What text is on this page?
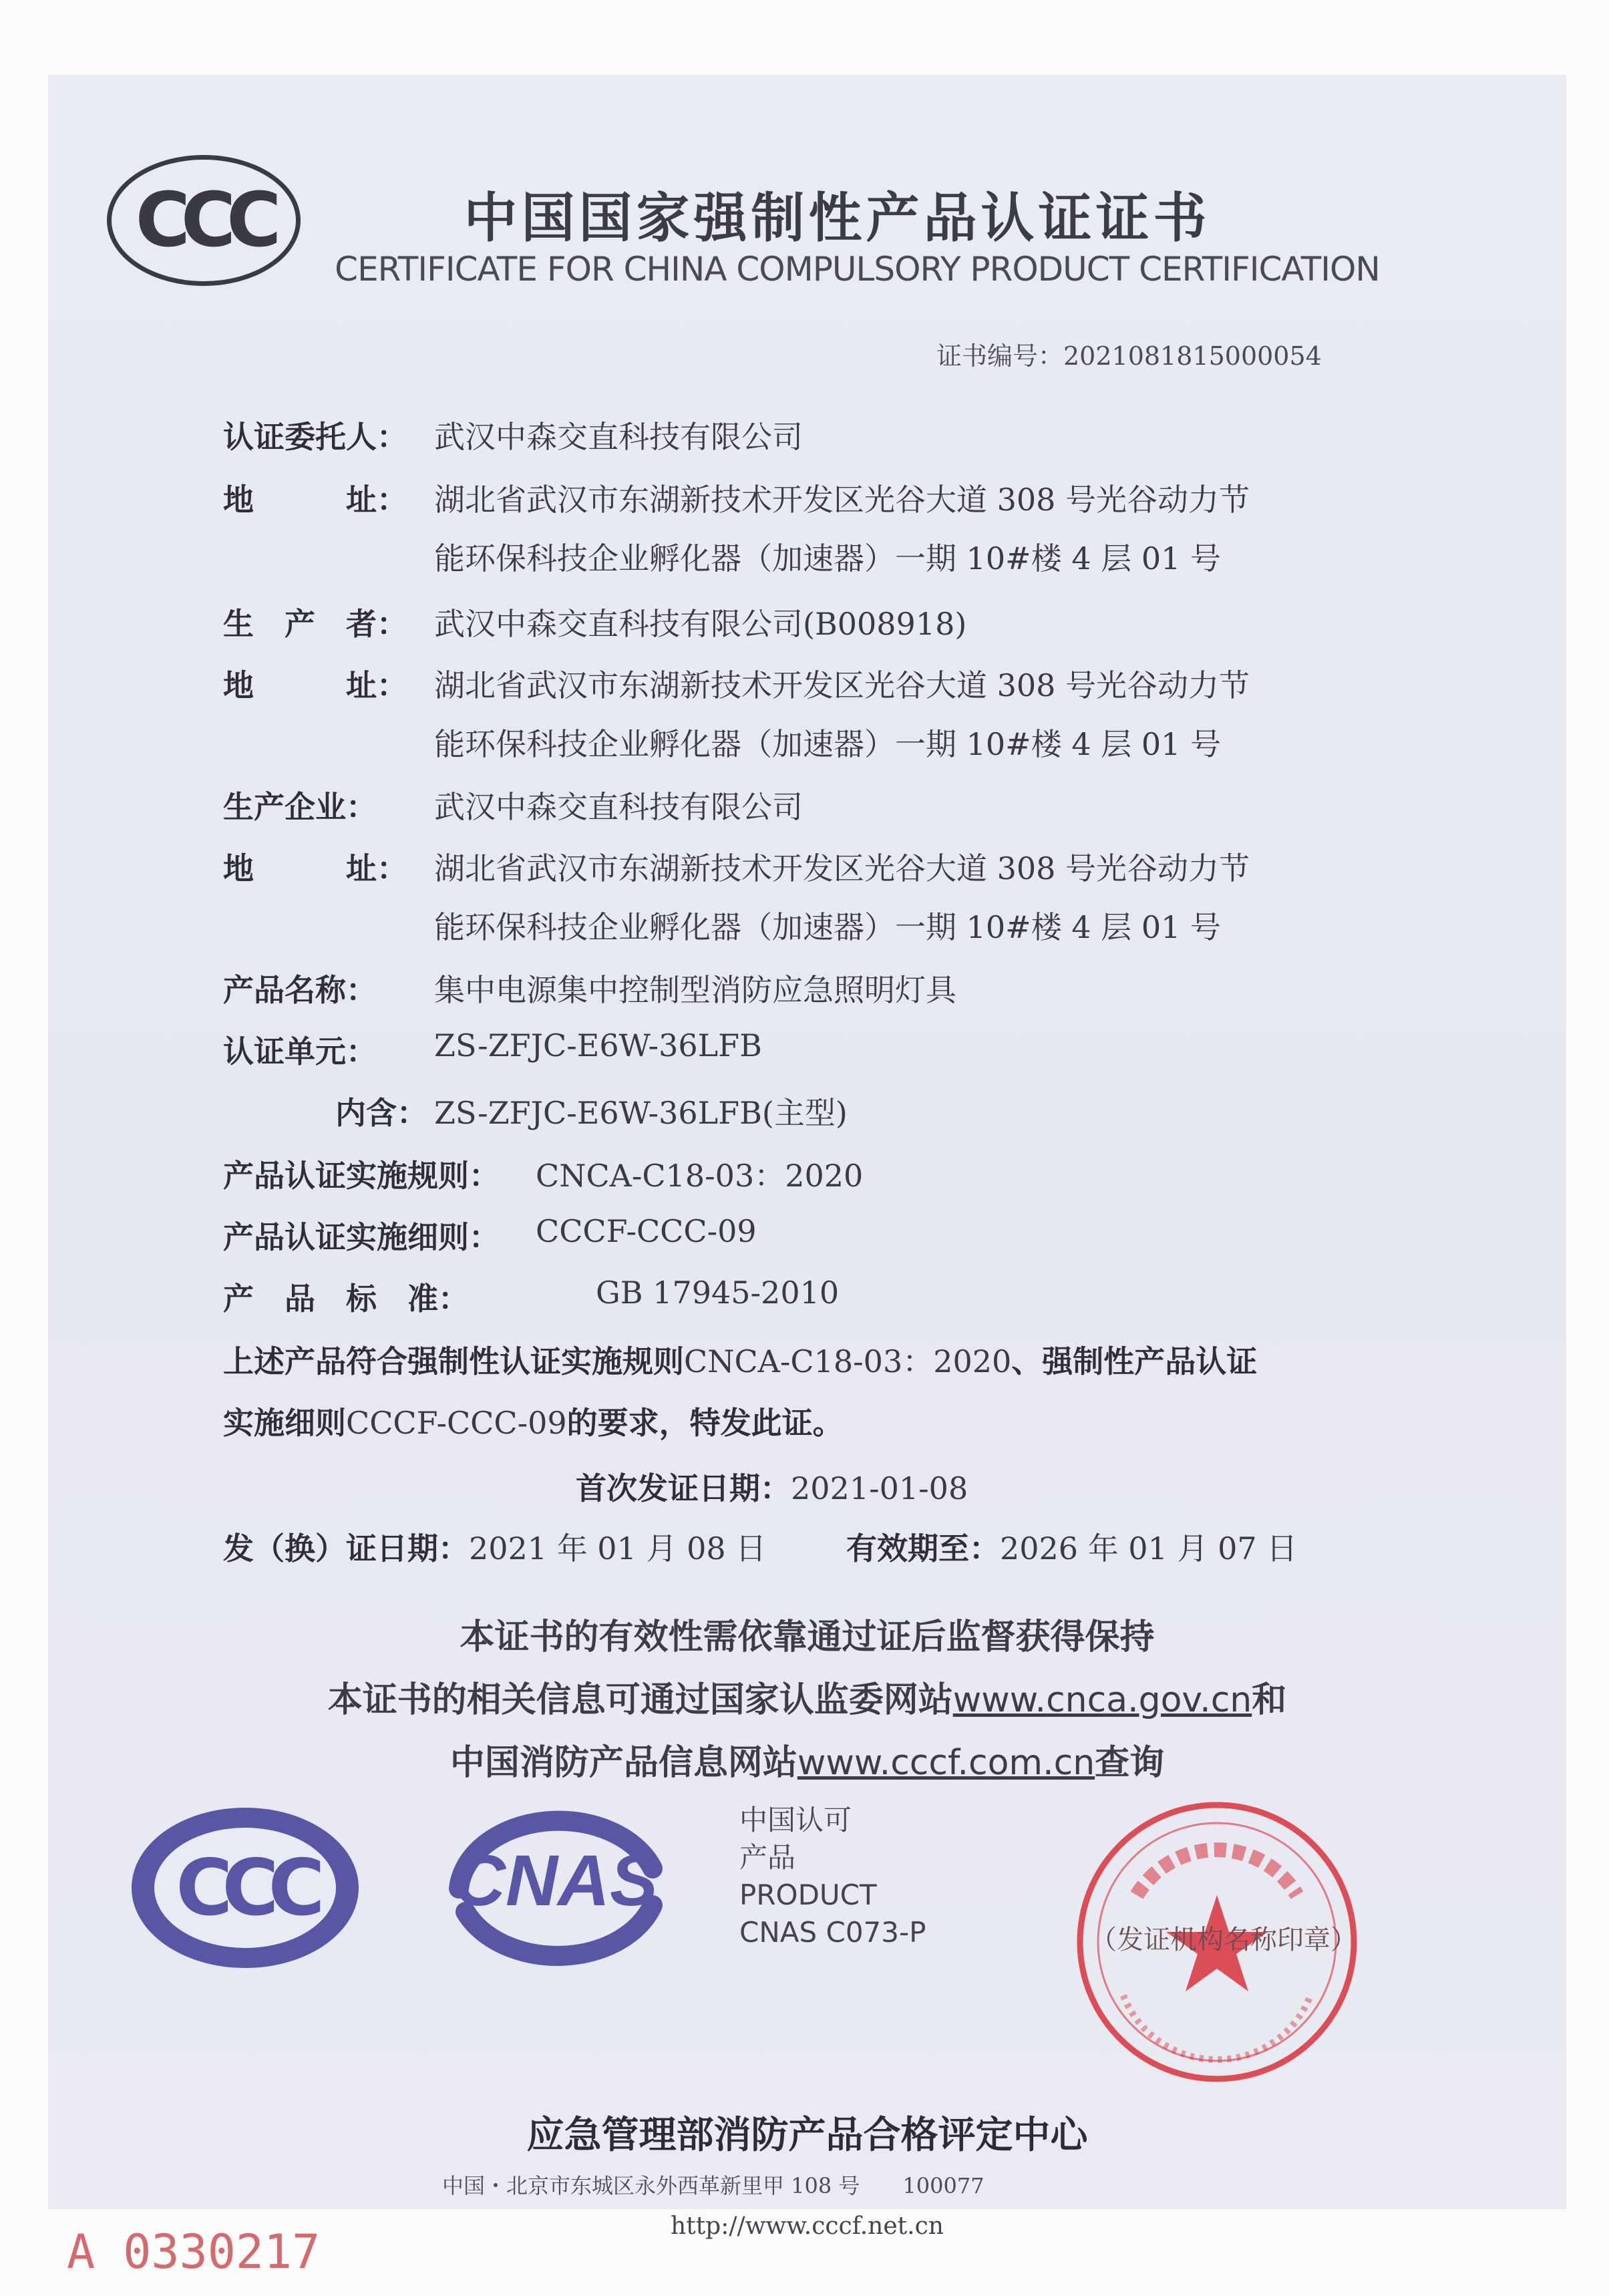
CCC	中国国家强制性产品认证证书
CERTIFICATE FOR CHINA COMPULSORY PRODUCT CERTIFICATION
证书编号：2021081815000054
认证委托人： 武汉中森交直科技有限公司
地　　　址： 湖北省武汉市东湖新技术开发区光谷大道 308 号光谷动力节
能环保科技企业孵化器（加速器）一期 10#楼 4 层 01 号
生　产　者： 武汉中森交直科技有限公司(B008918)
地　　　址： 湖北省武汉市东湖新技术开发区光谷大道 308 号光谷动力节
能环保科技企业孵化器（加速器）一期 10#楼 4 层 01 号
生产企业： 武汉中森交直科技有限公司
地　　　址： 湖北省武汉市东湖新技术开发区光谷大道 308 号光谷动力节
能环保科技企业孵化器（加速器）一期 10#楼 4 层 01 号
产品名称： 集中电源集中控制型消防应急照明灯具
认证单元： ZS-ZFJC-E6W-36LFB
内含： ZS-ZFJC-E6W-36LFB(主型)
产品认证实施规则： CNCA-C18-03：2020
产品认证实施细则： CCCF-CCC-09
产　品　标　准：	GB 17945-2010
上述产品符合强制性认证实施规则CNCA-C18-03：2020、强制性产品认证
实施细则CCCF-CCC-09的要求，特发此证。
首次发证日期：2021-01-08
发（换）证日期：2021 年 01 月 08 日	有效期至：2026 年 01 月 07 日
本证书的有效性需依靠通过证后监督获得保持
本证书的相关信息可通过国家认监委网站www.cnca.gov.cn和
中国消防产品信息网站www.cccf.com.cn查询
CCC CNAS
中国认可
产品
PRODUCT
CNAS C073-P	（发证机构名称印章）
应急管理部消防产品合格评定中心
中国・北京市东城区永外西革新里甲 108 号　　100077
http://www.cccf.net.cn
A 0330217
